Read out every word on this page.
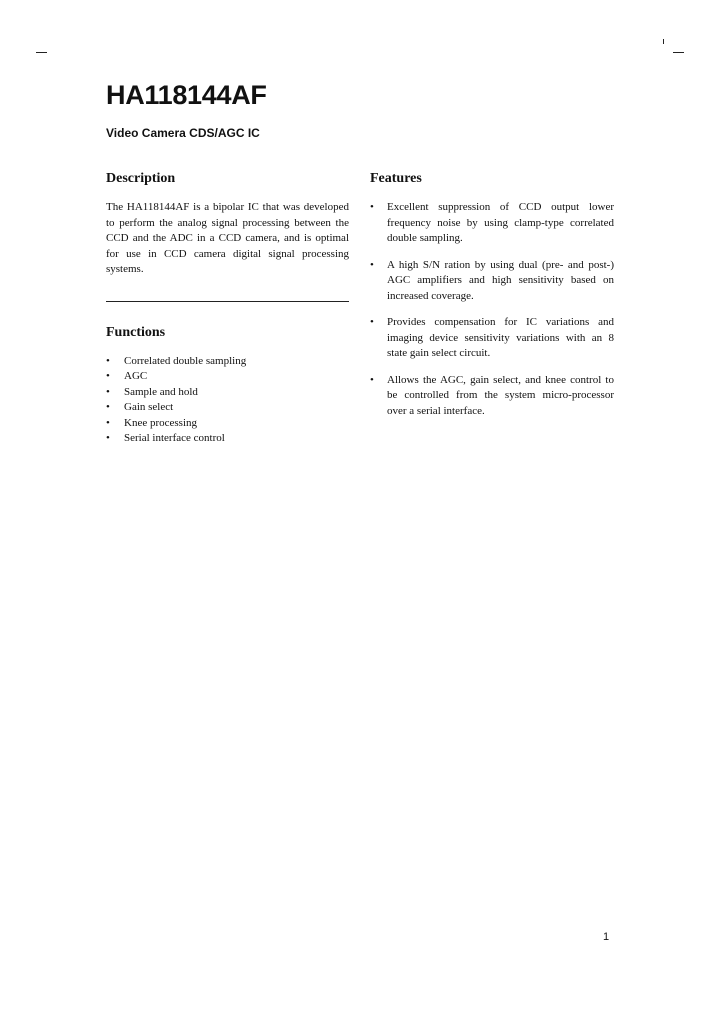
HA118144AF

Video Camera CDS/AGC IC

Description

The HA118144AF is a bipolar IC that was developed to perform the analog signal processing between the CCD and the ADC in a CCD camera, and is optimal for use in CCD camera digital signal processing systems.

Functions
• Correlated double sampling
• AGC
• Sample and hold
• Gain select
• Knee processing
• Serial interface control
Features
• Excellent suppression of CCD output lower frequency noise by using clamp-type correlated double sampling.
• A high S/N ration by using dual (pre- and post-) AGC amplifiers and high sensitivity based on increased coverage.
• Provides compensation for IC variations and imaging device sensitivity variations with an 8 state gain select circuit.
• Allows the AGC, gain select, and knee control to be controlled from the system micro-processor over a serial interface.

1
